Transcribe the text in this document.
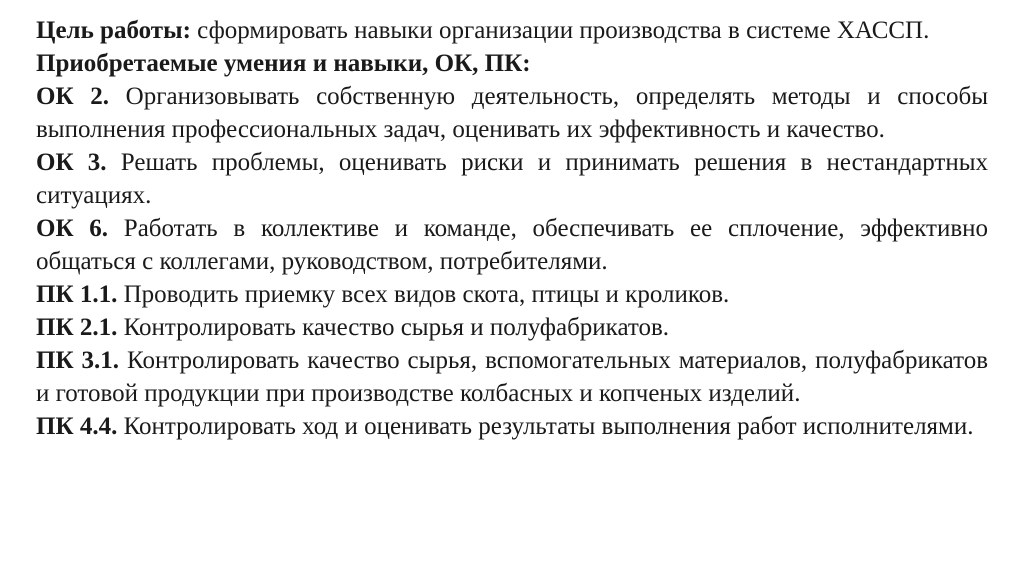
Цель работы: сформировать навыки организации производства в системе ХАССП.

Приобретаемые умения и навыки, ОК, ПК:

ОК 2. Организовывать собственную деятельность, определять методы и способы выполнения профессиональных задач, оценивать их эффективность и качество.

ОК 3. Решать проблемы, оценивать риски и принимать решения в нестандартных ситуациях.

ОК 6. Работать в коллективе и команде, обеспечивать ее сплочение, эффективно общаться с коллегами, руководством, потребителями.

ПК 1.1. Проводить приемку всех видов скота, птицы и кроликов.

ПК 2.1. Контролировать качество сырья и полуфабрикатов.

ПК 3.1. Контролировать качество сырья, вспомогательных материалов, полуфабрикатов и готовой продукции при производстве колбасных и копченых изделий.

ПК 4.4. Контролировать ход и оценивать результаты выполнения работ исполнителями.
